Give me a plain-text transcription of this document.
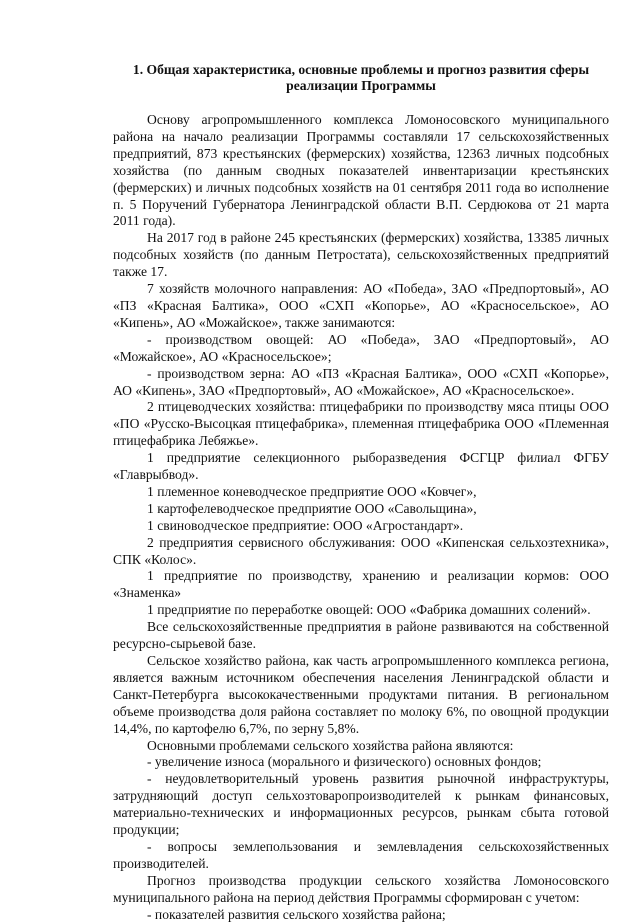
1. Общая характеристика, основные проблемы и прогноз развития сферы
реализации Программы

Основу агропромышленного комплекса Ломоносовского муниципального района на начало реализации Программы составляли 17 сельскохозяйственных предприятий, 873 крестьянских (фермерских) хозяйства, 12363 личных подсобных хозяйства (по данным сводных показателей инвентаризации крестьянских (фермерских) и личных подсобных хозяйств на 01 сентября 2011 года во исполнение п. 5 Поручений Губернатора Ленинградской области В.П. Сердюкова от 21 марта 2011 года).

На 2017 год в районе 245 крестьянских (фермерских) хозяйства, 13385 личных подсобных хозяйств (по данным Петростата), сельскохозяйственных предприятий также 17.

7 хозяйств молочного направления: АО «Победа», ЗАО «Предпортовый», АО «ПЗ «Красная Балтика», ООО «СХП «Копорье», АО «Красносельское», АО «Кипень», АО «Можайское», также занимаются:

- производством овощей: АО «Победа», ЗАО «Предпортовый», АО «Можайское», АО «Красносельское»;

- производством зерна: АО «ПЗ «Красная Балтика», ООО «СХП «Копорье», АО «Кипень», ЗАО «Предпортовый», АО «Можайское», АО «Красносельское».

2 птицеводческих хозяйства: птицефабрики по производству мяса птицы ООО «ПО «Русско-Высоцкая птицефабрика», племенная птицефабрика ООО «Племенная птицефабрика Лебяжье».

1 предприятие селекционного рыборазведения ФСГЦР филиал ФГБУ «Главрыбвод».

1 племенное коневодческое предприятие ООО «Ковчег»,

1 картофелеводческое предприятие ООО «Савольщина»,

1 свиноводческое предприятие: ООО «Агростандарт».

2 предприятия сервисного обслуживания: ООО «Кипенская сельхозтехника», СПК «Колос».

1 предприятие по производству, хранению и реализации кормов: ООО «Знаменка»

1 предприятие по переработке овощей: ООО «Фабрика домашних солений».

Все сельскохозяйственные предприятия в районе развиваются на собственной ресурсно-сырьевой базе.

Сельское хозяйство района, как часть агропромышленного комплекса региона, является важным источником обеспечения населения Ленинградской области и Санкт-Петербурга высококачественными продуктами питания. В региональном объеме производства доля района составляет по молоку 6%, по овощной продукции 14,4%, по картофелю 6,7%, по зерну 5,8%.

Основными проблемами сельского хозяйства района являются:

- увеличение износа (морального и физического) основных фондов;

- неудовлетворительный уровень развития рыночной инфраструктуры, затрудняющий доступ сельхозтоваропроизводителей к рынкам финансовых, материально-технических и информационных ресурсов, рынкам сбыта готовой продукции;

- вопросы землепользования и землевладения сельскохозяйственных производителей.

Прогноз производства продукции сельского хозяйства Ломоносовского муниципального района на период действия Программы сформирован с учетом:

- показателей развития сельского хозяйства района;
